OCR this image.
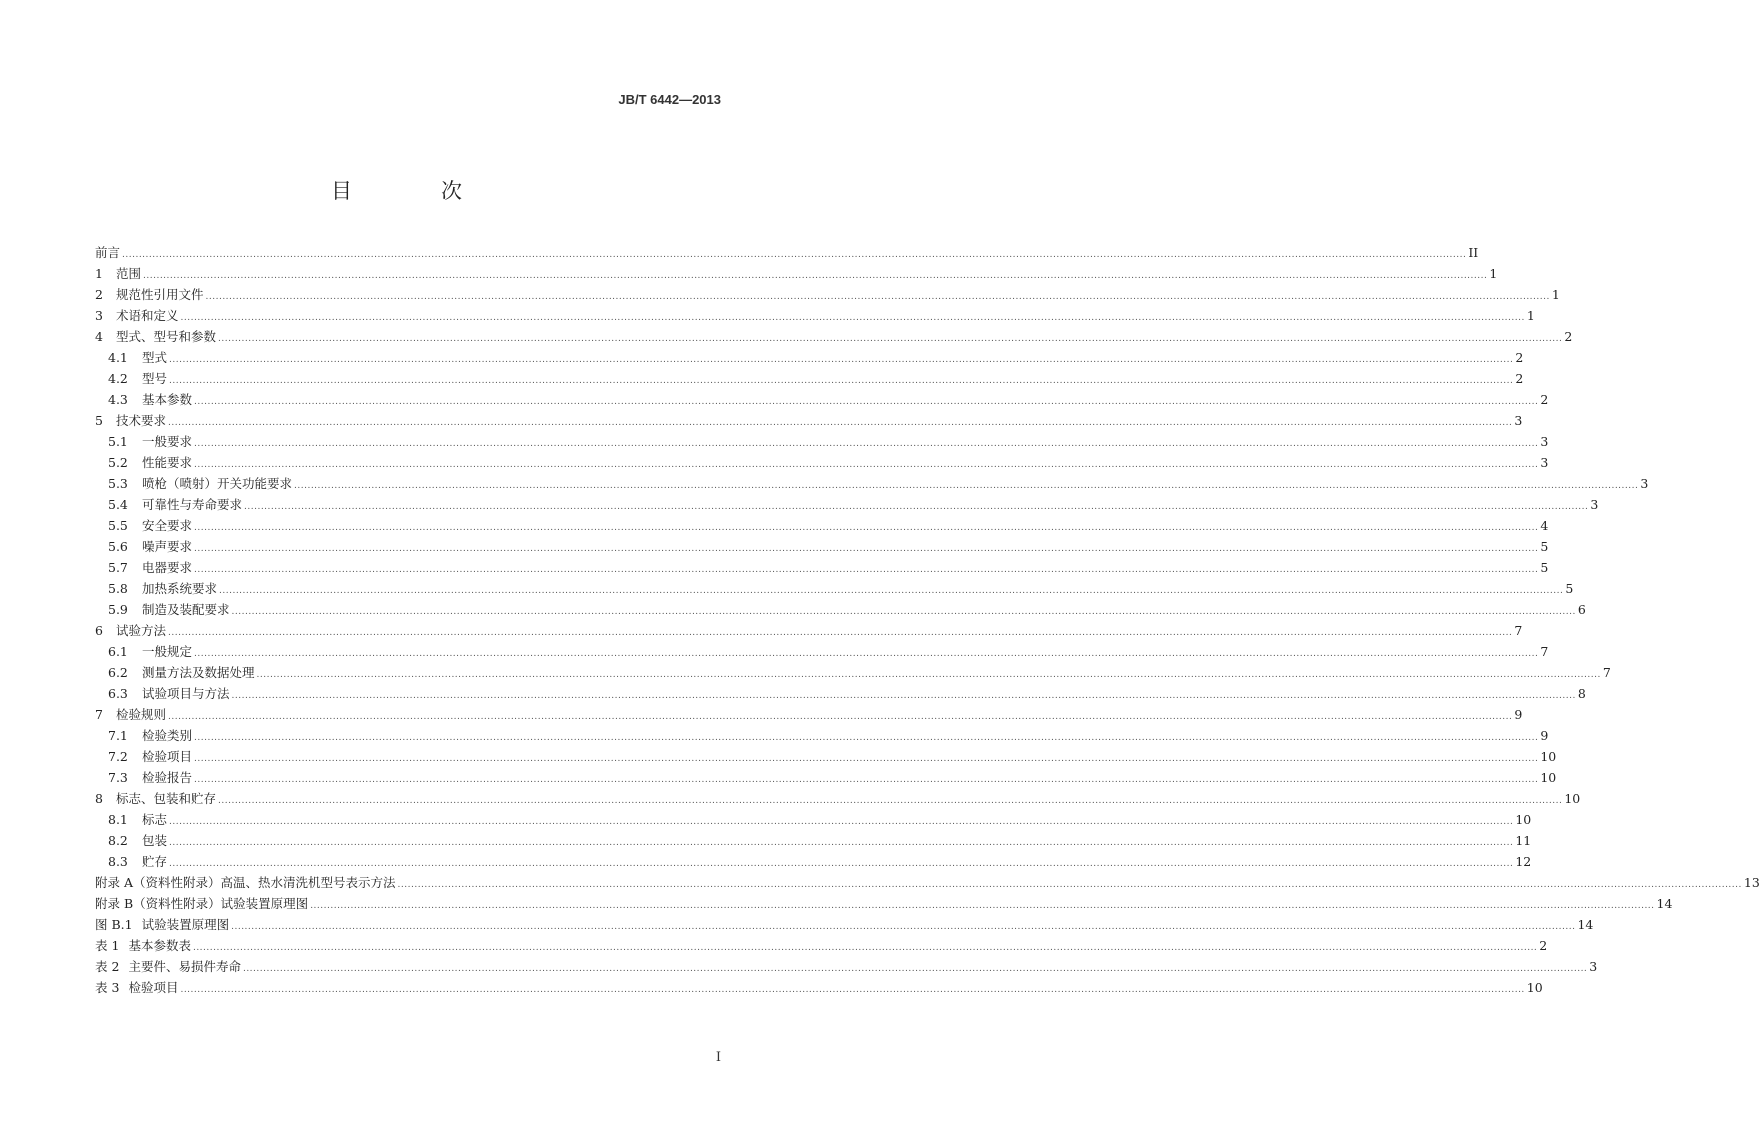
JB/T 6442—2013
目　次
前言 ................................................................................................................................................................................................................................................................................................................................................................................................................ II
1 范围 ................................................................................................................................................................................................................................................................................................................................................................................................................ 1
2 规范性引用文件 ................................................................................................................................................................................................................................................................................................................................................................................................................ 1
3 术语和定义 ................................................................................................................................................................................................................................................................................................................................................................................................................ 1
4 型式、型号和参数 ................................................................................................................................................................................................................................................................................................................................................................................................................ 2
4.1 型式 ................................................................................................................................................................................................................................................................................................................................................................................................................ 2
4.2 型号 ................................................................................................................................................................................................................................................................................................................................................................................................................ 2
4.3 基本参数 ................................................................................................................................................................................................................................................................................................................................................................................................................ 2
5 技术要求 ................................................................................................................................................................................................................................................................................................................................................................................................................ 3
5.1 一般要求 ................................................................................................................................................................................................................................................................................................................................................................................................................ 3
5.2 性能要求 ................................................................................................................................................................................................................................................................................................................................................................................................................ 3
5.3 喷枪（喷射）开关功能要求 ................................................................................................................................................................................................................................................................................................................................................................................................................ 3
5.4 可靠性与寿命要求 ................................................................................................................................................................................................................................................................................................................................................................................................................ 3
5.5 安全要求 ................................................................................................................................................................................................................................................................................................................................................................................................................ 4
5.6 噪声要求 ................................................................................................................................................................................................................................................................................................................................................................................................................ 5
5.7 电器要求 ................................................................................................................................................................................................................................................................................................................................................................................................................ 5
5.8 加热系统要求 ................................................................................................................................................................................................................................................................................................................................................................................................................ 5
5.9 制造及装配要求 ................................................................................................................................................................................................................................................................................................................................................................................................................ 6
6 试验方法 ................................................................................................................................................................................................................................................................................................................................................................................................................ 7
6.1 一般规定 ................................................................................................................................................................................................................................................................................................................................................................................................................ 7
6.2 测量方法及数据处理 ................................................................................................................................................................................................................................................................................................................................................................................................................ 7
6.3 试验项目与方法 ................................................................................................................................................................................................................................................................................................................................................................................................................ 8
7 检验规则 ................................................................................................................................................................................................................................................................................................................................................................................................................ 9
7.1 检验类别 ................................................................................................................................................................................................................................................................................................................................................................................................................ 9
7.2 检验项目 ................................................................................................................................................................................................................................................................................................................................................................................................................ 10
7.3 检验报告 ................................................................................................................................................................................................................................................................................................................................................................................................................ 10
8 标志、包装和贮存 ................................................................................................................................................................................................................................................................................................................................................................................................................ 10
8.1 标志 ................................................................................................................................................................................................................................................................................................................................................................................................................ 10
8.2 包装 ................................................................................................................................................................................................................................................................................................................................................................................................................ 11
8.3 贮存 ................................................................................................................................................................................................................................................................................................................................................................................................................ 12
附录 A（资料性附录）高温、热水清洗机型号表示方法 ................................................................................................................................................................................................................................................................................................................................................................................................................ 13
附录 B（资料性附录）试验装置原理图 ................................................................................................................................................................................................................................................................................................................................................................................................................ 14
图 B.1 试验装置原理图 ................................................................................................................................................................................................................................................................................................................................................................................................................ 14
表 1 基本参数表 ................................................................................................................................................................................................................................................................................................................................................................................................................ 2
表 2 主要件、易损件寿命 ................................................................................................................................................................................................................................................................................................................................................................................................................ 3
表 3 检验项目 ................................................................................................................................................................................................................................................................................................................................................................................................................ 10
I
